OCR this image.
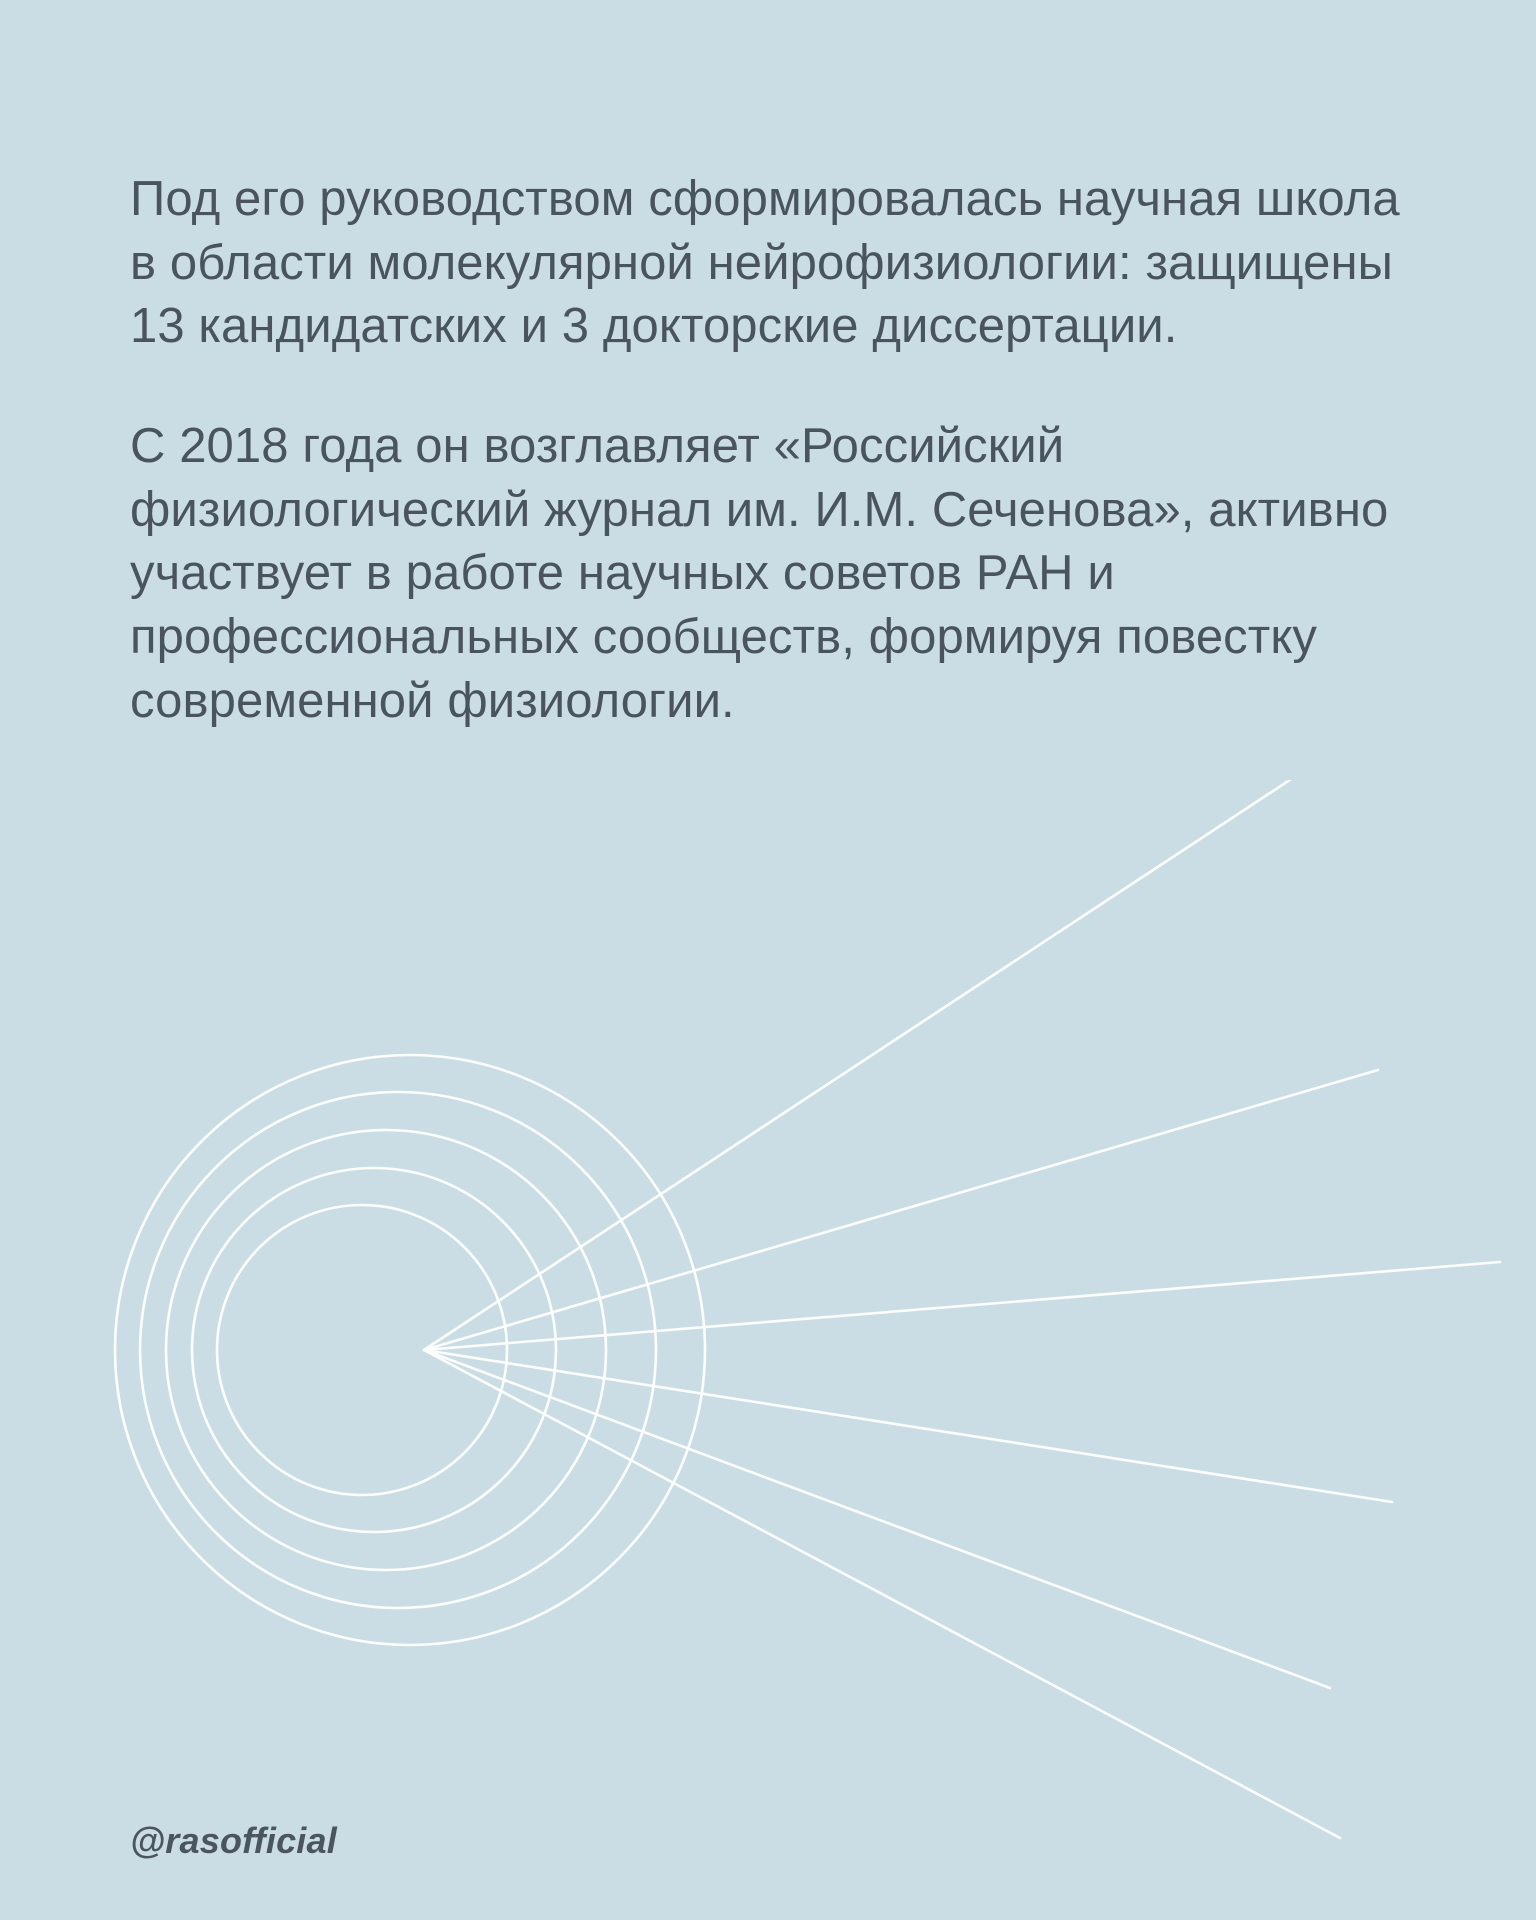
Под его руководством сформировалась научная школа в области молекулярной нейрофизиологии: защищены 13 кандидатских и 3 докторские диссертации.

С 2018 года он возглавляет «Российский физиологический журнал им. И.М. Сеченова», активно участвует в работе научных советов РАН и профессиональных сообществ, формируя повестку современной физиологии.

@rasofficial
